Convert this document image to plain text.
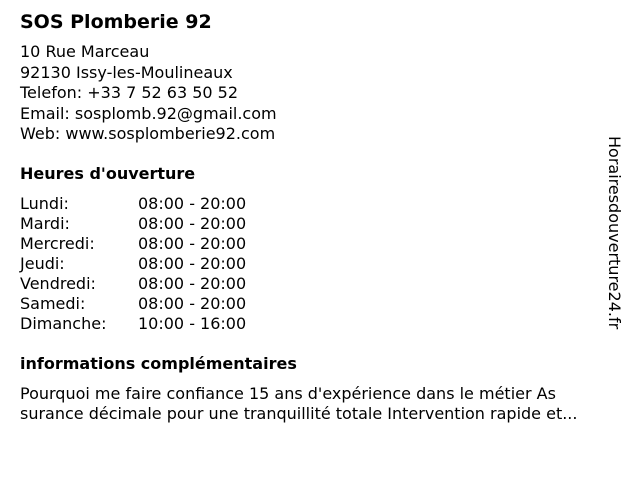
SOS Plomberie 92
10 Rue Marceau
92130 Issy-les-Moulineaux
Telefon: +33 7 52 63 50 52
Email: sosplomb.92@gmail.com
Web: www.sosplomberie92.com
Heures d'ouverture
Lundi:	08:00 - 20:00
Mardi:	08:00 - 20:00
Mercredi:	08:00 - 20:00
Jeudi:	08:00 - 20:00
Vendredi:	08:00 - 20:00
Samedi:	08:00 - 20:00
Dimanche: 10:00 - 16:00
informations complémentaires
Pourquoi me faire confiance 15 ans d'expérience dans le métier As
surance décimale pour une tranquillité totale Intervention rapide et...
Horairesdouverture24.fr
